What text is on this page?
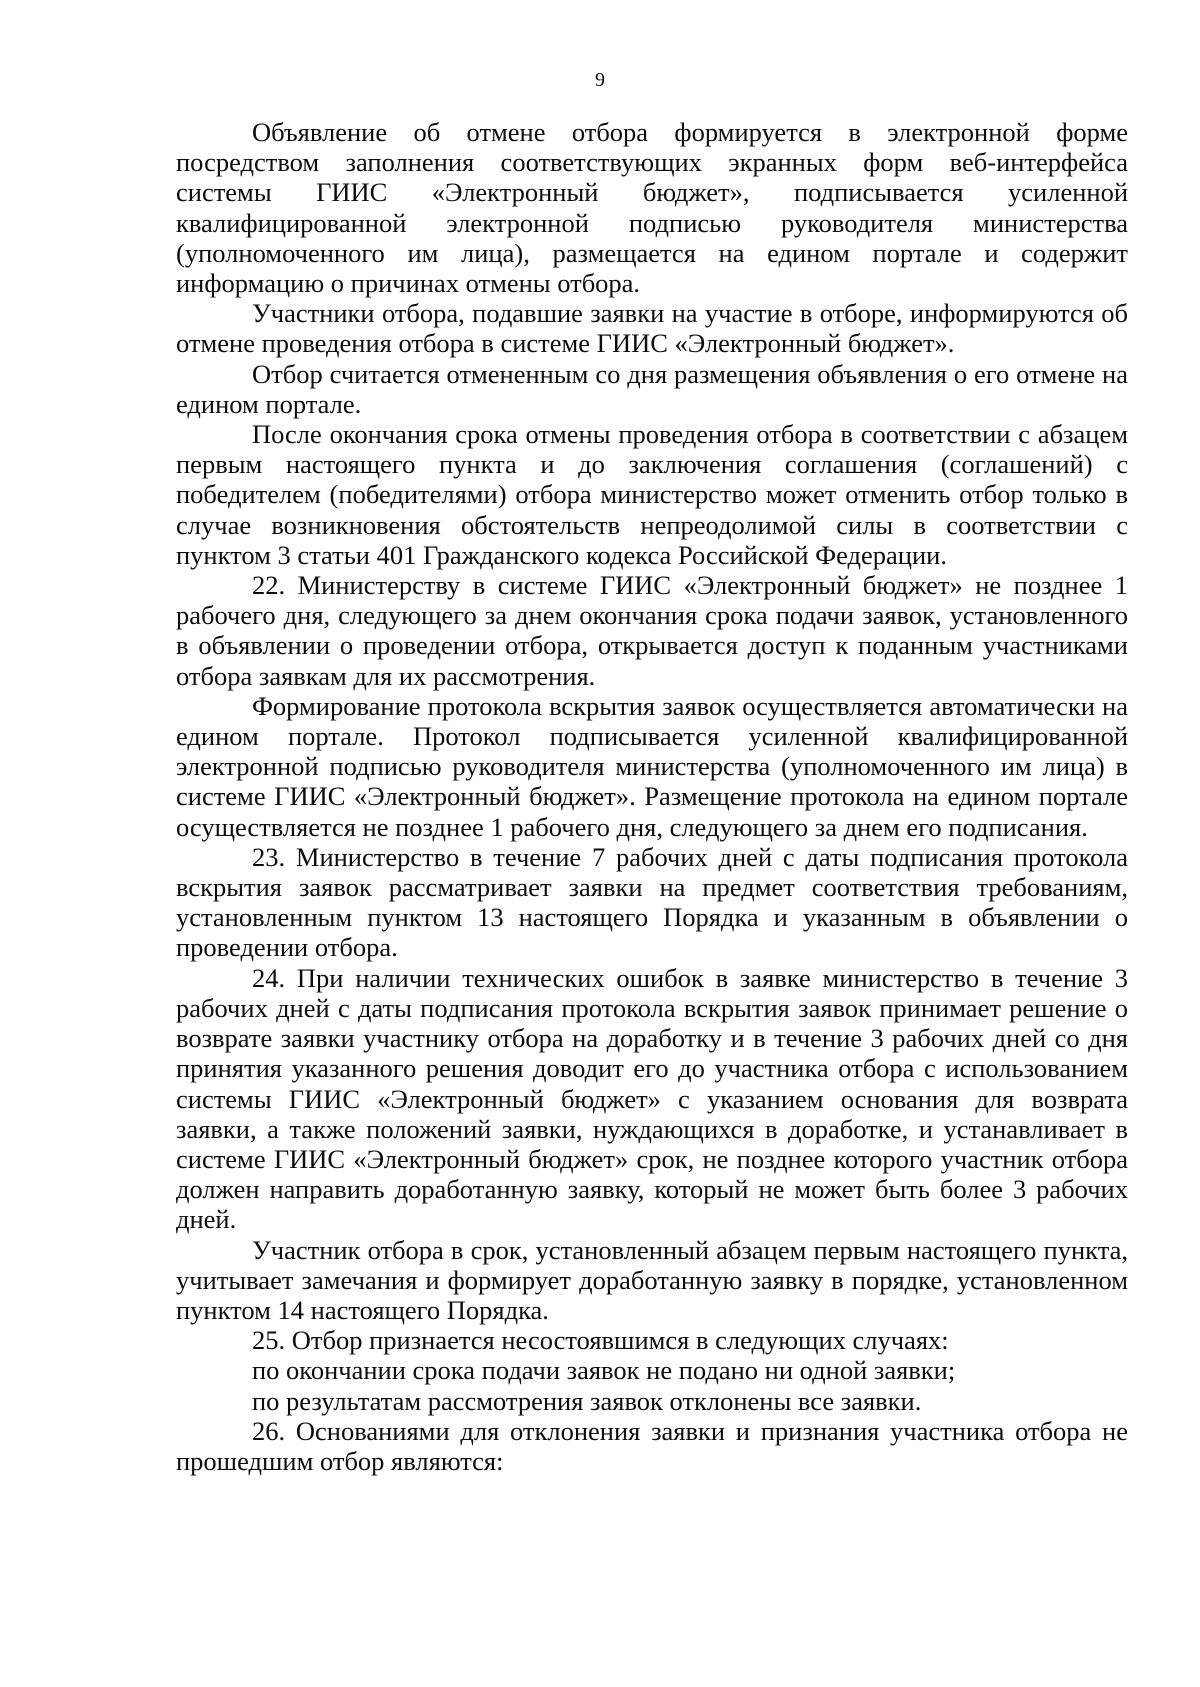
9

Объявление об отмене отбора формируется в электронной форме посредством заполнения соответствующих экранных форм веб-интерфейса системы ГИИС «Электронный бюджет», подписывается усиленной квалифицированной электронной подписью руководителя министерства (уполномоченного им лица), размещается на едином портале и содержит информацию о причинах отмены отбора.

Участники отбора, подавшие заявки на участие в отборе, информируются об отмене проведения отбора в системе ГИИС «Электронный бюджет».

Отбор считается отмененным со дня размещения объявления о его отмене на едином портале.

После окончания срока отмены проведения отбора в соответствии с абзацем первым настоящего пункта и до заключения соглашения (соглашений) с победителем (победителями) отбора министерство может отменить отбор только в случае возникновения обстоятельств непреодолимой силы в соответствии с пунктом 3 статьи 401 Гражданского кодекса Российской Федерации.

22. Министерству в системе ГИИС «Электронный бюджет» не позднее 1 рабочего дня, следующего за днем окончания срока подачи заявок, установленного в объявлении о проведении отбора, открывается доступ к поданным участниками отбора заявкам для их рассмотрения.

Формирование протокола вскрытия заявок осуществляется автоматически на едином портале. Протокол подписывается усиленной квалифицированной электронной подписью руководителя министерства (уполномоченного им лица) в системе ГИИС «Электронный бюджет». Размещение протокола на едином портале осуществляется не позднее 1 рабочего дня, следующего за днем его подписания.

23. Министерство в течение 7 рабочих дней с даты подписания протокола вскрытия заявок рассматривает заявки на предмет соответствия требованиям, установленным пунктом 13 настоящего Порядка и указанным в объявлении о проведении отбора.

24. При наличии технических ошибок в заявке министерство в течение 3 рабочих дней с даты подписания протокола вскрытия заявок принимает решение о возврате заявки участнику отбора на доработку и в течение 3 рабочих дней со дня принятия указанного решения доводит его до участника отбора с использованием системы ГИИС «Электронный бюджет» с указанием основания для возврата заявки, а также положений заявки, нуждающихся в доработке, и устанавливает в системе ГИИС «Электронный бюджет» срок, не позднее которого участник отбора должен направить доработанную заявку, который не может быть более 3 рабочих дней.

Участник отбора в срок, установленный абзацем первым настоящего пункта, учитывает замечания и формирует доработанную заявку в порядке, установленном пунктом 14 настоящего Порядка.

25. Отбор признается несостоявшимся в следующих случаях:

по окончании срока подачи заявок не подано ни одной заявки;

по результатам рассмотрения заявок отклонены все заявки.

26. Основаниями для отклонения заявки и признания участника отбора не прошедшим отбор являются:
